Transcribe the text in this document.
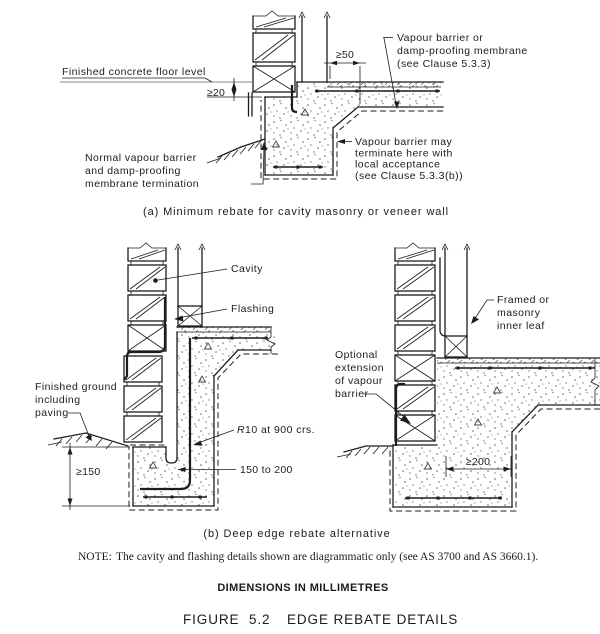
≥20
≥50
Finished concrete floor level
Vapour barrier or
damp-proofing membrane
(see Clause 5.3.3)
Vapour barrier may
terminate here with
local acceptance
(see Clause 5.3.3(b))
Normal vapour barrier
and damp-proofing
membrane termination
≥150	150 to 200
Cavity
Flashing
Finished ground
including
paving
R10 at 900 crs.
≥200
Framed or
masonry
inner leaf
Optional
extension
of vapour
barrier
(a) Minimum rebate for cavity masonry or veneer wall
(b) Deep edge rebate alternative
NOTE: The cavity and flashing details shown are diagrammatic only (see AS 3700 and AS 3660.1).
DIMENSIONS IN MILLIMETRES
FIGURE 5.2 EDGE REBATE DETAILS
